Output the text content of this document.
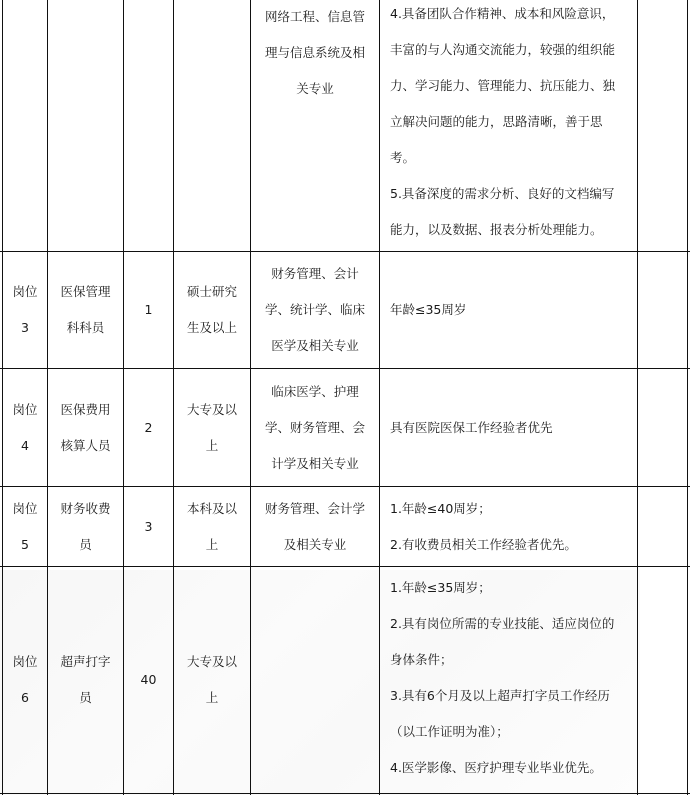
网络工程、信息管

理与信息系统及相

关专业

4.具备团队合作精神、成本和风险意识，

丰富的与人沟通交流能力，较强的组织能

力、学习能力、管理能力、抗压能力、独

立解决问题的能力，思路清晰，善于思

考。

5.具备深度的需求分析、良好的文档编写

能力，以及数据、报表分析处理能力。

岗位

3

医保管理

科科员

1

硕士研究

生及以上

财务管理、会计

学、统计学、临床

医学及相关专业

年龄≤35周岁

岗位

4

医保费用

核算人员

2

大专及以

上

临床医学、护理

学、财务管理、会

计学及相关专业

具有医院医保工作经验者优先

岗位

5

财务收费

员

3

本科及以

上

财务管理、会计学

及相关专业

1.年龄≤40周岁；

2.有收费员相关工作经验者优先。

岗位

6

超声打字

员

40

大专及以

上

1.年龄≤35周岁；

2.具有岗位所需的专业技能、适应岗位的

身体条件；

3.具有6个月及以上超声打字员工作经历

（以工作证明为准）；

4.医学影像、医疗护理专业毕业优先。
